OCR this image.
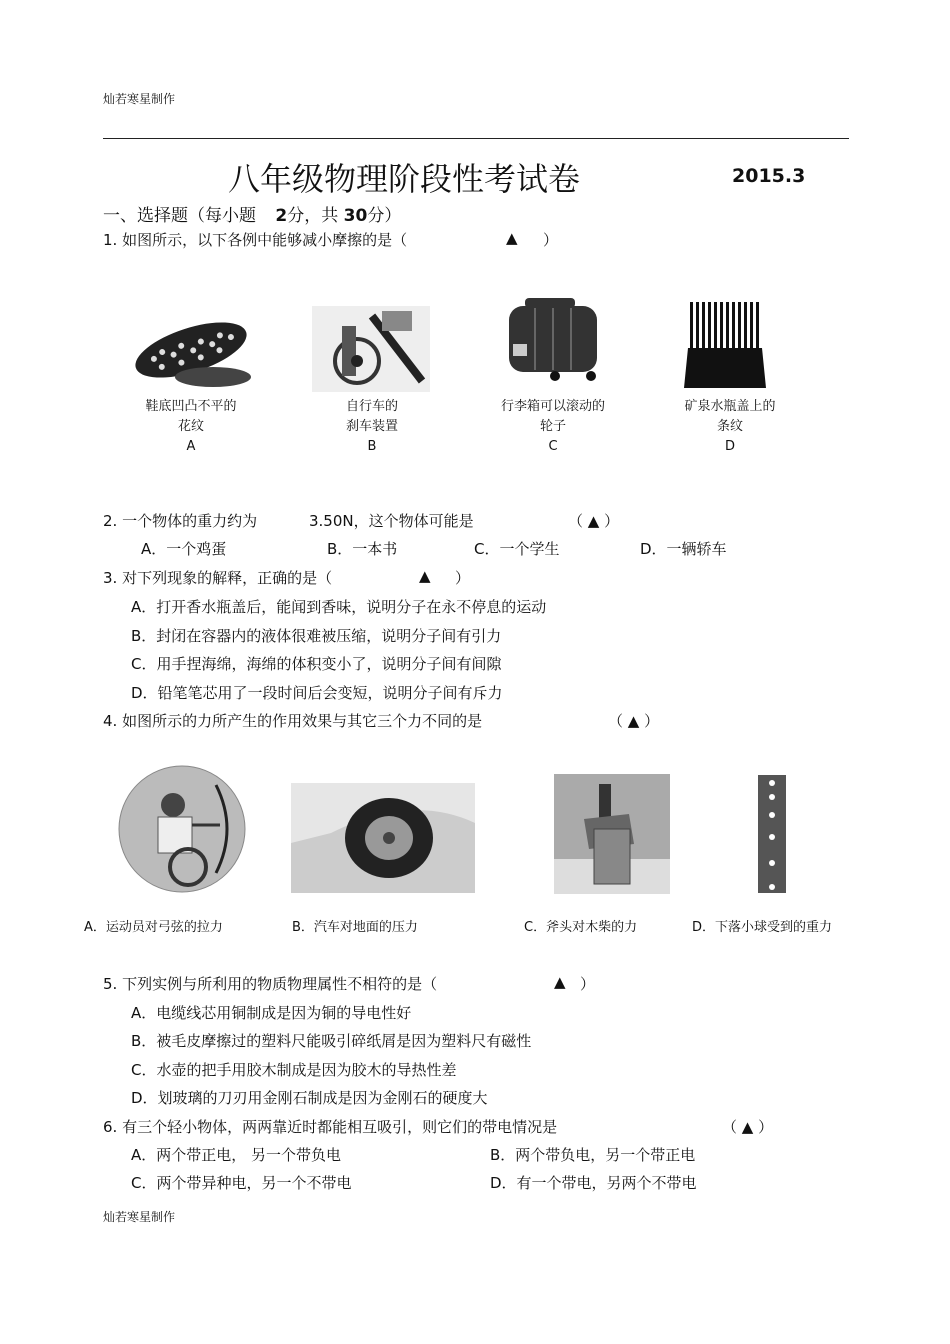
灿若寒星制作
八年级物理阶段性考试卷	2015.3
一、选择题（每小题 2分，共 30分）
1. 如图所示，以下各例中能够减小摩擦的是（	▲ ）
鞋底凹凸不平的
花纹
A
自行车的
刹车装置
B
行李箱可以滚动的
轮子
C
矿泉水瓶盖上的
条纹
D
2. 一个物体的重力约为	3.50N，这个物体可能是	（ ▲ ）
A．一个鸡蛋	B．一本书	C．一个学生	D．一辆轿车
3. 对下列现象的解释，正确的是（	▲ ）
A．打开香水瓶盖后，能闻到香味，说明分子在永不停息的运动
B．封闭在容器内的液体很难被压缩，说明分子间有引力
C．用手捏海绵，海绵的体积变小了，说明分子间有间隙
D．铅笔笔芯用了一段时间后会变短，说明分子间有斥力
4. 如图所示的力所产生的作用效果与其它三个力不同的是	（ ▲ ）
A．运动员对弓弦的拉力	B．汽车对地面的压力	C．斧头对木柴的力	D．下落小球受到的重力
5. 下列实例与所利用的物质物理属性不相符的是（	▲ ）
A．电缆线芯用铜制成是因为铜的导电性好
B．被毛皮摩擦过的塑料尺能吸引碎纸屑是因为塑料尺有磁性
C．水壶的把手用胶木制成是因为胶木的导热性差
D．划玻璃的刀刃用金刚石制成是因为金刚石的硬度大
6. 有三个轻小物体，两两靠近时都能相互吸引，则它们的带电情况是	（ ▲ ）
A．两个带正电， 另一个带负电	B．两个带负电，另一个带正电
C．两个带异种电，另一个不带电	D．有一个带电，另两个不带电
灿若寒星制作
